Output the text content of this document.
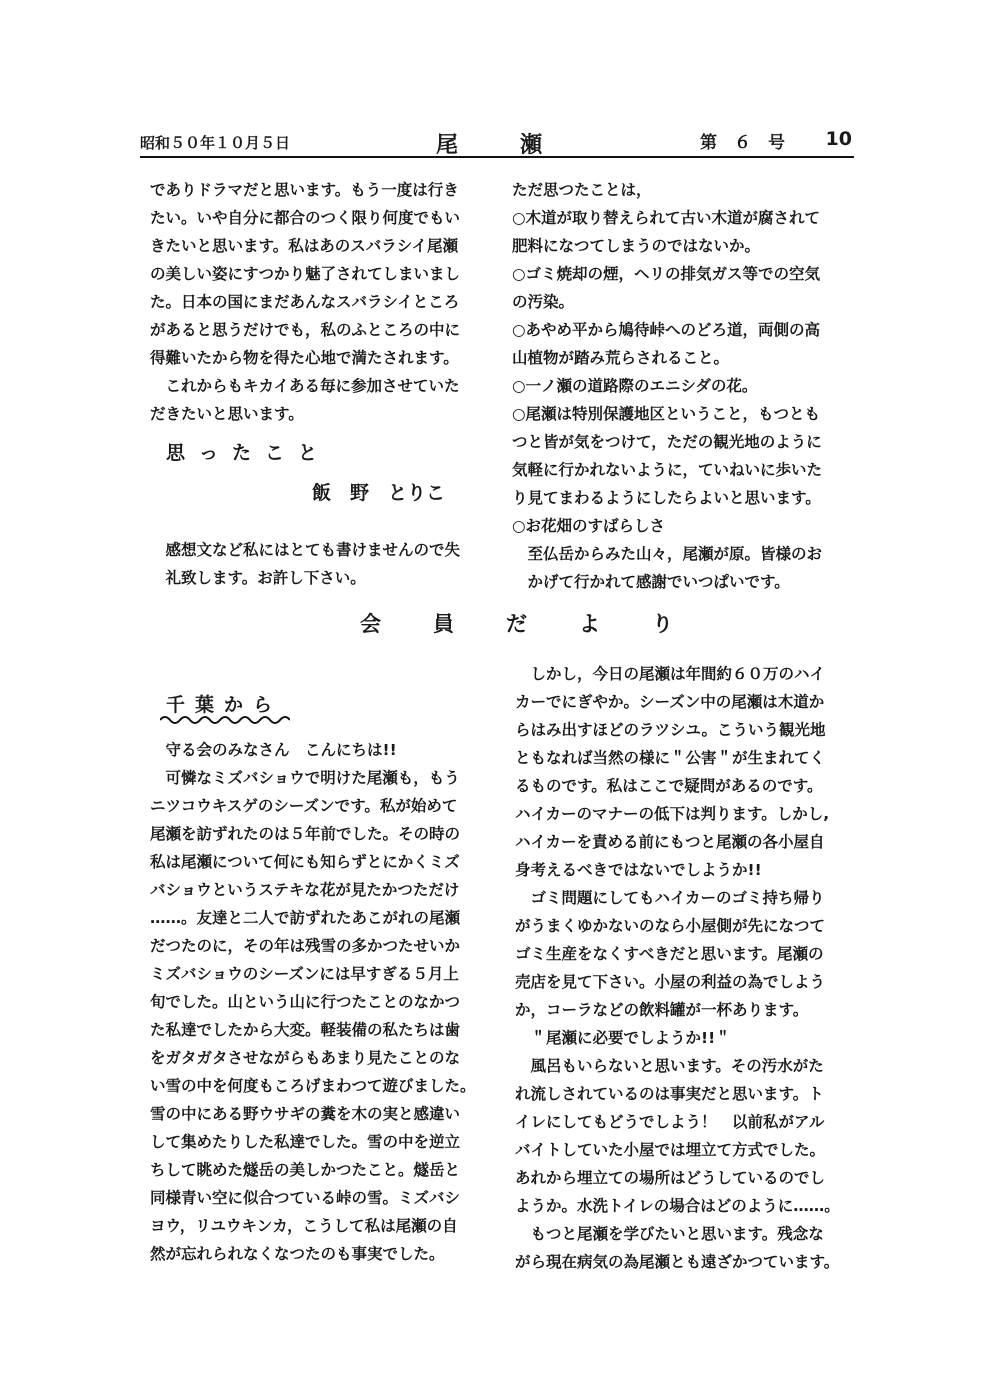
昭和５０年１０月５日	尾	瀬	第　６　号 10

でありドラマだと思います。もう一度は行き

たい。いや自分に都合のつく限り何度でもい

きたいと思います。私はあのスバラシイ尾瀬

の美しい姿にすつかり魅了されてしまいまし

た。日本の国にまだあんなスバラシイところ

があると思うだけでも，私のふところの中に

得難いたから物を得た心地で満たされます。

　これからもキカイある毎に参加させていた

だきたいと思います。

思ったこと
飯　野　とりこ

　感想文など私にはとても書けませんので失

　礼致します。お許し下さい。

ただ思つたことは，

○木道が取り替えられて古い木道が腐されて

肥料になつてしまうのではないか。

○ゴミ焼却の煙，ヘリの排気ガス等での空気

の汚染。

○あやめ平から鳩待峠へのどろ道，両側の高

山植物が踏み荒らされること。

○一ノ瀬の道路際のエニシダの花。

○尾瀬は特別保護地区ということ，もつとも

つと皆が気をつけて，ただの観光地のように

気軽に行かれないように，ていねいに歩いた

り見てまわるようにしたらよいと思います。

○お花畑のすばらしさ

　至仏岳からみた山々，尾瀬が原。皆様のお

　かげて行かれて感謝でいつぱいです。

会員だより
千葉から

　守る会のみなさん　こんにちは!!

　可憐なミズバショウで明けた尾瀬も，もう

ニツコウキスゲのシーズンです。私が始めて

尾瀬を訪ずれたのは５年前でした。その時の

私は尾瀬について何にも知らずとにかくミズ

バショウというステキな花が見たかつただけ

……。友達と二人で訪ずれたあこがれの尾瀬

だつたのに，その年は残雪の多かつたせいか

ミズバショウのシーズンには早すぎる５月上

旬でした。山という山に行つたことのなかつ

た私達でしたから大変。軽装備の私たちは歯

をガタガタさせながらもあまり見たことのな

い雪の中を何度もころげまわつて遊びました。

雪の中にある野ウサギの糞を木の実と感違い

して集めたりした私達でした。雪の中を逆立

ちして眺めた燧岳の美しかつたこと。燧岳と

同様青い空に似合つている峠の雪。ミズバシ

ヨウ，リユウキンカ，こうして私は尾瀬の自

然が忘れられなくなつたのも事実でした。

　しかし，今日の尾瀬は年間約６０万のハイ

カーでにぎやか。シーズン中の尾瀬は木道か

らはみ出すほどのラツシユ。こういう観光地

ともなれば当然の様に＂公害＂が生まれてく

るものです。私はここで疑問があるのです。

ハイカーのマナーの低下は判ります。しかし,

ハイカーを責める前にもつと尾瀬の各小屋自

身考えるべきではないでしようか!!

　ゴミ問題にしてもハイカーのゴミ持ち帰り

がうまくゆかないのなら小屋側が先になつて

ゴミ生産をなくすべきだと思います。尾瀬の

売店を見て下さい。小屋の利益の為でしよう

か，コーラなどの飲料罐が一杯あります。

　＂尾瀬に必要でしようか!!＂

　風呂もいらないと思います。その汚水がた

れ流しされているのは事実だと思います。ト

イレにしてもどうでしよう！　以前私がアル

バイトしていた小屋では埋立て方式でした。

あれから埋立ての場所はどうしているのでし

ようか。水洗トイレの場合はどのように……。

　もつと尾瀬を学びたいと思います。残念な

がら現在病気の為尾瀬とも遠ざかつています。
